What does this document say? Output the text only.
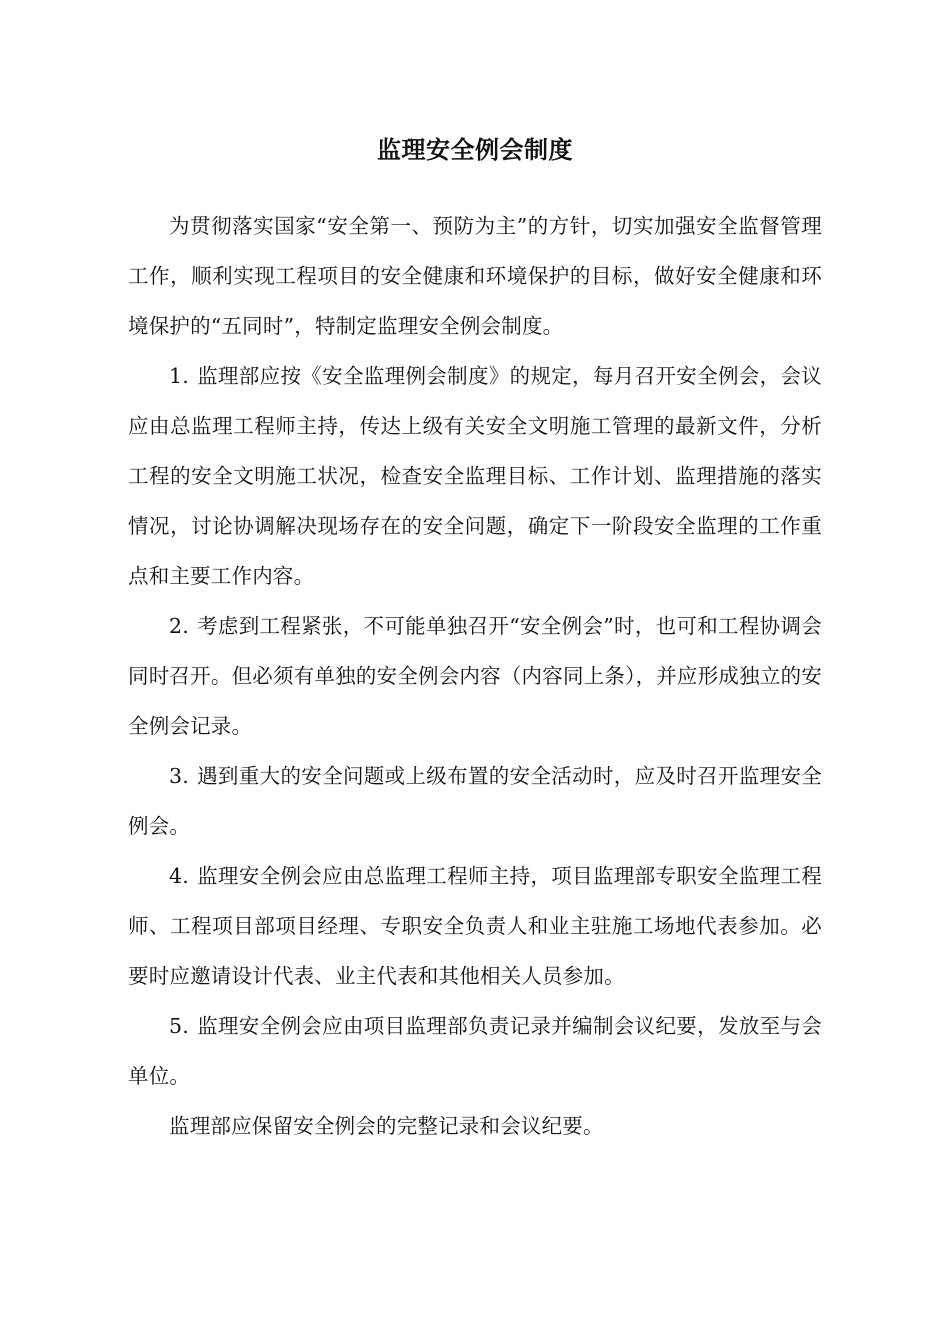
监理安全例会制度

为贯彻落实国家“安全第一、预防为主”的方针，切实加强安全监督管理工作，顺利实现工程项目的安全健康和环境保护的目标，做好安全健康和环境保护的“五同时”，特制定监理安全例会制度。

1. 监理部应按《安全监理例会制度》的规定，每月召开安全例会，会议应由总监理工程师主持，传达上级有关安全文明施工管理的最新文件，分析工程的安全文明施工状况，检查安全监理目标、工作计划、监理措施的落实情况，讨论协调解决现场存在的安全问题，确定下一阶段安全监理的工作重点和主要工作内容。

2. 考虑到工程紧张，不可能单独召开“安全例会”时，也可和工程协调会同时召开。但必须有单独的安全例会内容（内容同上条），并应形成独立的安全例会记录。

3. 遇到重大的安全问题或上级布置的安全活动时，应及时召开监理安全例会。

4. 监理安全例会应由总监理工程师主持，项目监理部专职安全监理工程师、工程项目部项目经理、专职安全负责人和业主驻施工场地代表参加。必要时应邀请设计代表、业主代表和其他相关人员参加。

5. 监理安全例会应由项目监理部负责记录并编制会议纪要，发放至与会单位。

监理部应保留安全例会的完整记录和会议纪要。
